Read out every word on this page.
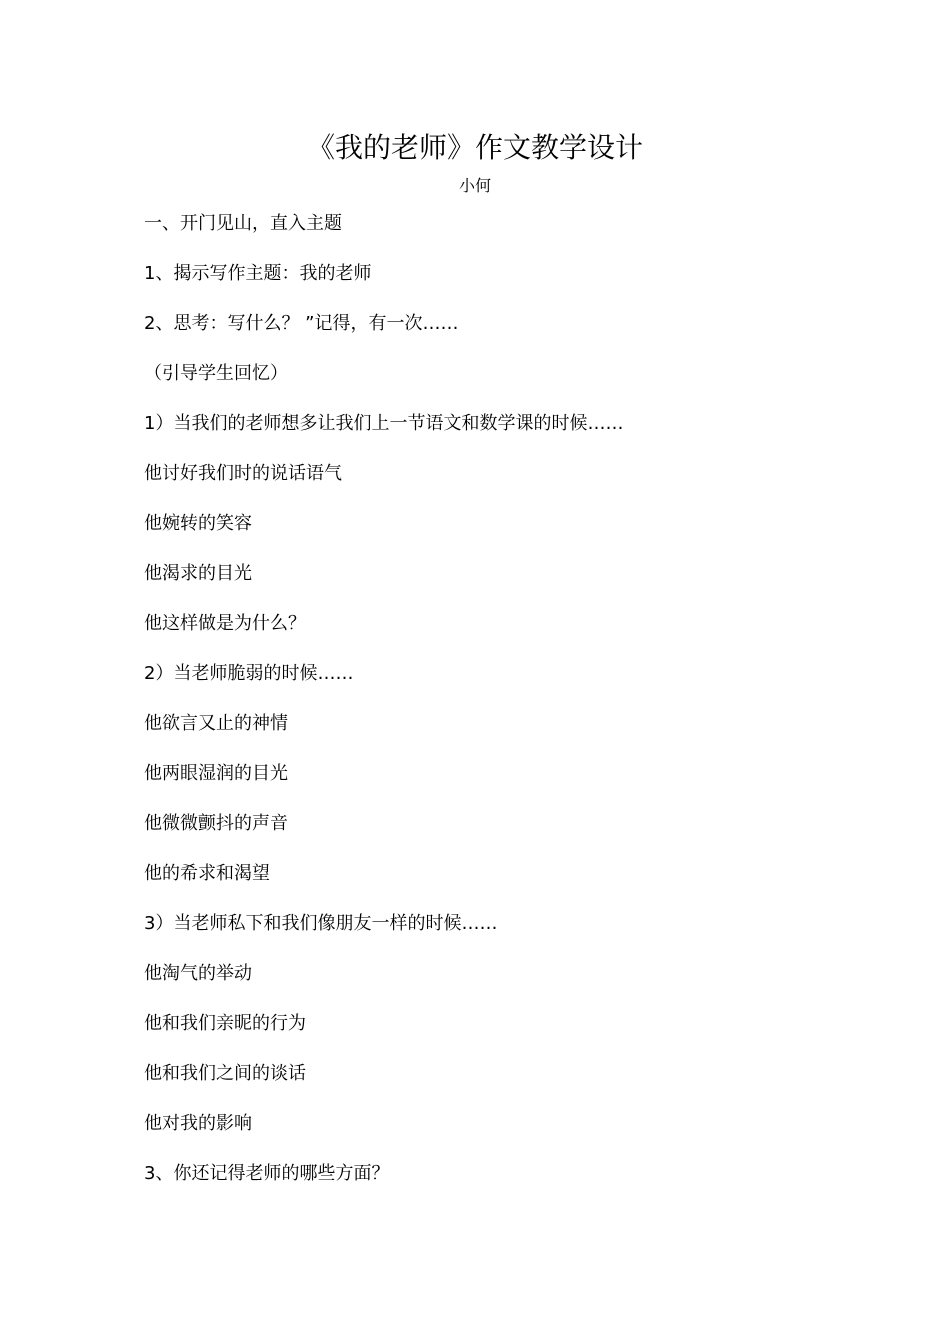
《我的老师》作文教学设计
小何
一、开门见山，直入主题
1、揭示写作主题：我的老师
2、思考：写什么？ ”记得，有一次……
（引导学生回忆）
1）当我们的老师想多让我们上一节语文和数学课的时候……
他讨好我们时的说话语气
他婉转的笑容
他渴求的目光
他这样做是为什么？
2）当老师脆弱的时候……
他欲言又止的神情
他两眼湿润的目光
他微微颤抖的声音
他的希求和渴望
3）当老师私下和我们像朋友一样的时候……
他淘气的举动
他和我们亲昵的行为
他和我们之间的谈话
他对我的影响
3、你还记得老师的哪些方面？
